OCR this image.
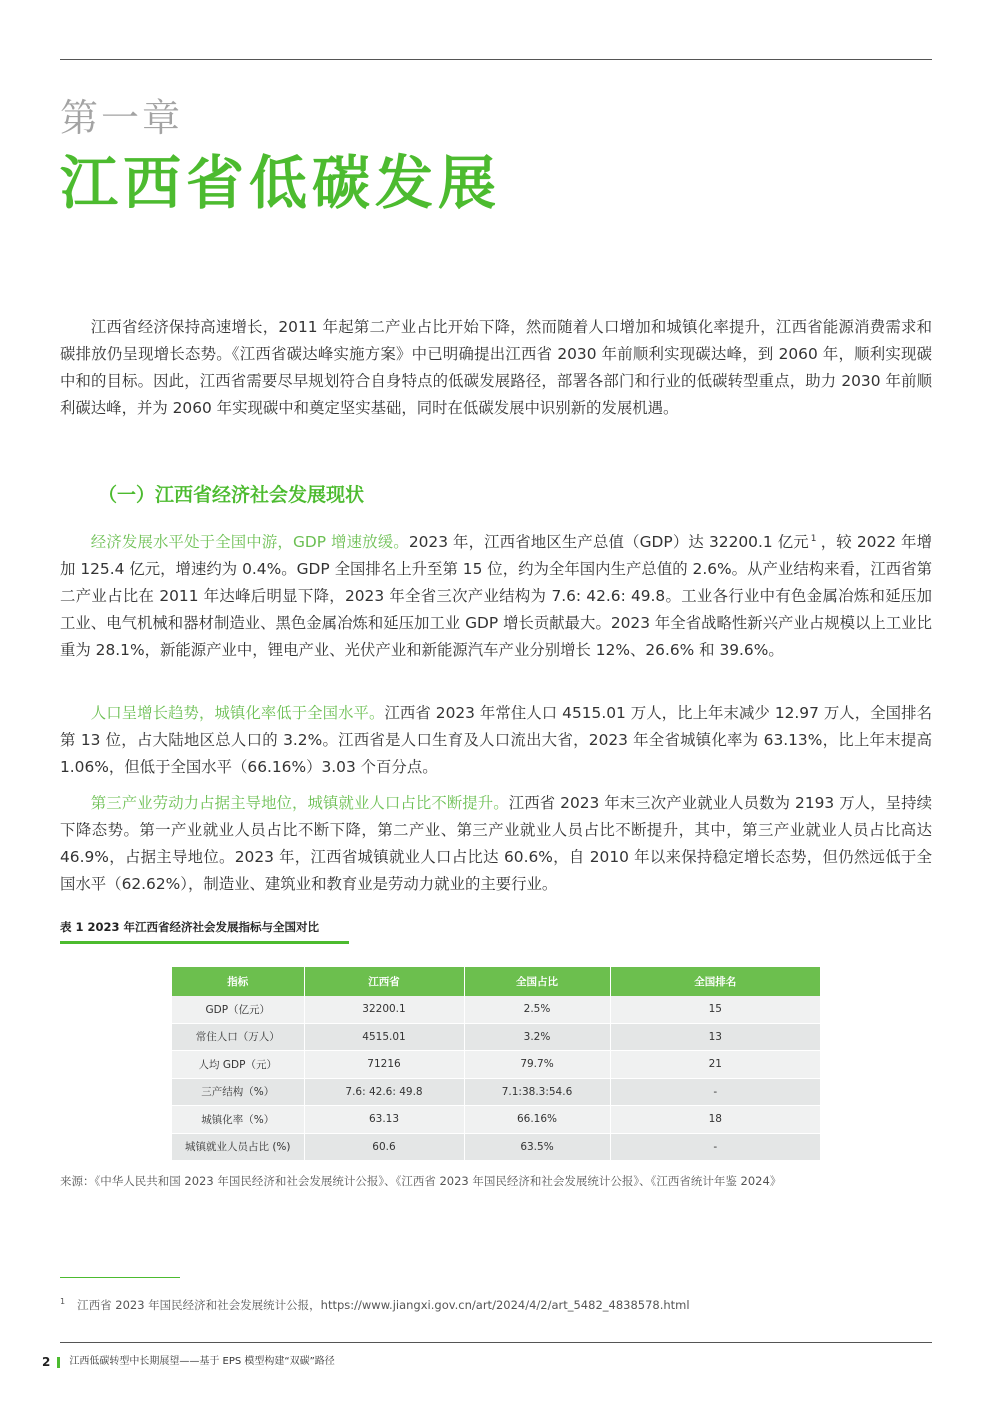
第一章
江西省低碳发展

江西省经济保持高速增长，2011 年起第二产业占比开始下降，然而随着人口增加和城镇化率提升，江西省能源消费需求和碳排放仍呈现增长态势。《江西省碳达峰实施方案》中已明确提出江西省 2030 年前顺利实现碳达峰，到 2060 年，顺利实现碳中和的目标。因此，江西省需要尽早规划符合自身特点的低碳发展路径，部署各部门和行业的低碳转型重点，助力 2030 年前顺利碳达峰，并为 2060 年实现碳中和奠定坚实基础，同时在低碳发展中识别新的发展机遇。

（一）江西省经济社会发展现状

经济发展水平处于全国中游，GDP 增速放缓。2023 年，江西省地区生产总值（GDP）达 32200.1 亿元 $^1$ ，较 2022 年增加 125.4 亿元，增速约为 0.4%。GDP 全国排名上升至第 15 位，约为全年国内生产总值的 2.6%。从产业结构来看，江西省第二产业占比在 2011 年达峰后明显下降，2023 年全省三次产业结构为 7.6: 42.6: 49.8。工业各行业中有色金属冶炼和延压加工业、电气机械和器材制造业、黑色金属冶炼和延压加工业 GDP 增长贡献最大。2023 年全省战略性新兴产业占规模以上工业比重为 28.1%，新能源产业中，锂电产业、光伏产业和新能源汽车产业分别增长 12%、26.6% 和 39.6%。

人口呈增长趋势，城镇化率低于全国水平。江西省 2023 年常住人口 4515.01 万人，比上年末减少 12.97 万人，全国排名第 13 位，占大陆地区总人口的 3.2%。江西省是人口生育及人口流出大省，2023 年全省城镇化率为 63.13%，比上年末提高 1.06%，但低于全国水平（66.16%）3.03 个百分点。

第三产业劳动力占据主导地位，城镇就业人口占比不断提升。江西省 2023 年末三次产业就业人员数为 2193 万人，呈持续下降态势。第一产业就业人员占比不断下降，第二产业、第三产业就业人员占比不断提升，其中，第三产业就业人员占比高达 46.9%，占据主导地位。2023 年，江西省城镇就业人口占比达 60.6%，自 2010 年以来保持稳定增长态势，但仍然远低于全国水平（62.62%），制造业、建筑业和教育业是劳动力就业的主要行业。

表 1 2023 年江西省经济社会发展指标与全国对比
指标	江西省	全国占比	全国排名
GDP（亿元）	32200.1	2.5%	15
常住人口（万人）	4515.01	3.2%	13
人均 GDP（元）	71216	79.7%	21
三产结构（%）	7.6: 42.6: 49.8	7.1:38.3:54.6	-
城镇化率（%）	63.13	66.16%	18
城镇就业人员占比 (%)	60.6	63.5%	-
来源：《中华人民共和国 2023 年国民经济和社会发展统计公报》、《江西省 2023 年国民经济和社会发展统计公报》、《江西省统计年鉴 2024》
$^1$ 江西省 2023 年国民经济和社会发展统计公报，https://www.jiangxi.gov.cn/art/2024/4/2/art_5482_4838578.html
2 江西低碳转型中长期展望——基于 EPS 模型构建“双碳”路径
